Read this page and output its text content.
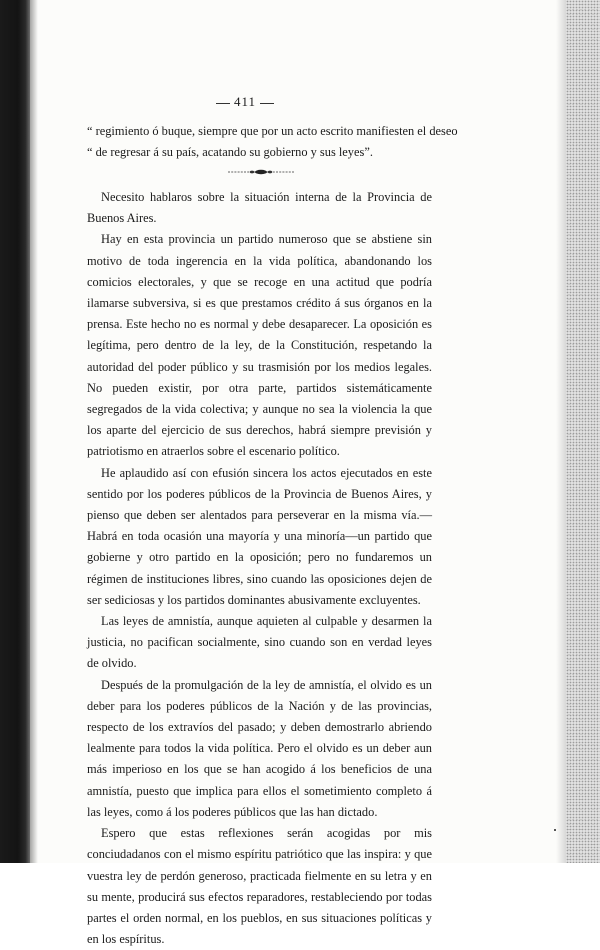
411
“ regimiento ó buque, siempre que por un acto escrito manifiesten el deseo
“ de regresar á su país, acatando su gobierno y sus leyes”.

Necesito hablaros sobre la situación interna de la Provincia de Buenos Aires.

Hay en esta provincia un partido numeroso que se abstiene sin motivo de toda ingerencia en la vida política, abandonando los comicios electorales, y que se recoge en una actitud que podría ilamarse subversiva, si es que prestamos crédito á sus órganos en la prensa. Este hecho no es normal y debe desaparecer. La oposición es legítima, pero dentro de la ley, de la Constitución, respetando la autoridad del poder público y su trasmisión por los medios legales. No pueden existir, por otra parte, partidos sistemáticamente segregados de la vida colectiva; y aunque no sea la violencia la que los aparte del ejercicio de sus derechos, habrá siempre previsión y patriotismo en atraerlos sobre el escenario político.

He aplaudido así con efusión sincera los actos ejecutados en este sentido por los poderes públicos de la Provincia de Buenos Aires, y pienso que deben ser alentados para perseverar en la misma vía.—Habrá en toda ocasión una mayoría y una minoría—un partido que gobierne y otro partido en la oposición; pero no fundaremos un régimen de instituciones libres, sino cuando las oposiciones dejen de ser sediciosas y los partidos dominantes abusivamente excluyentes.

Las leyes de amnistía, aunque aquieten al culpable y desarmen la justicia, no pacifican socialmente, sino cuando son en verdad leyes de olvido.

Después de la promulgación de la ley de amnistía, el olvido es un deber para los poderes públicos de la Nación y de las provincias, respecto de los extravíos del pasado; y deben demostrarlo abriendo lealmente para todos la vida política. Pero el olvido es un deber aun más imperioso en los que se han acogido á los beneficios de una amnistía, puesto que implica para ellos el sometimiento completo á las leyes, como á los poderes públicos que las han dictado.

Espero que estas reflexiones serán acogidas por mis conciudadanos con el mismo espíritu patriótico que las inspira: y que vuestra ley de perdón generoso, practicada fielmente en su letra y en su mente, producirá sus efectos reparadores, restableciendo por todas partes el orden normal, en los pueblos, en sus situaciones políticas y en los espíritus.
